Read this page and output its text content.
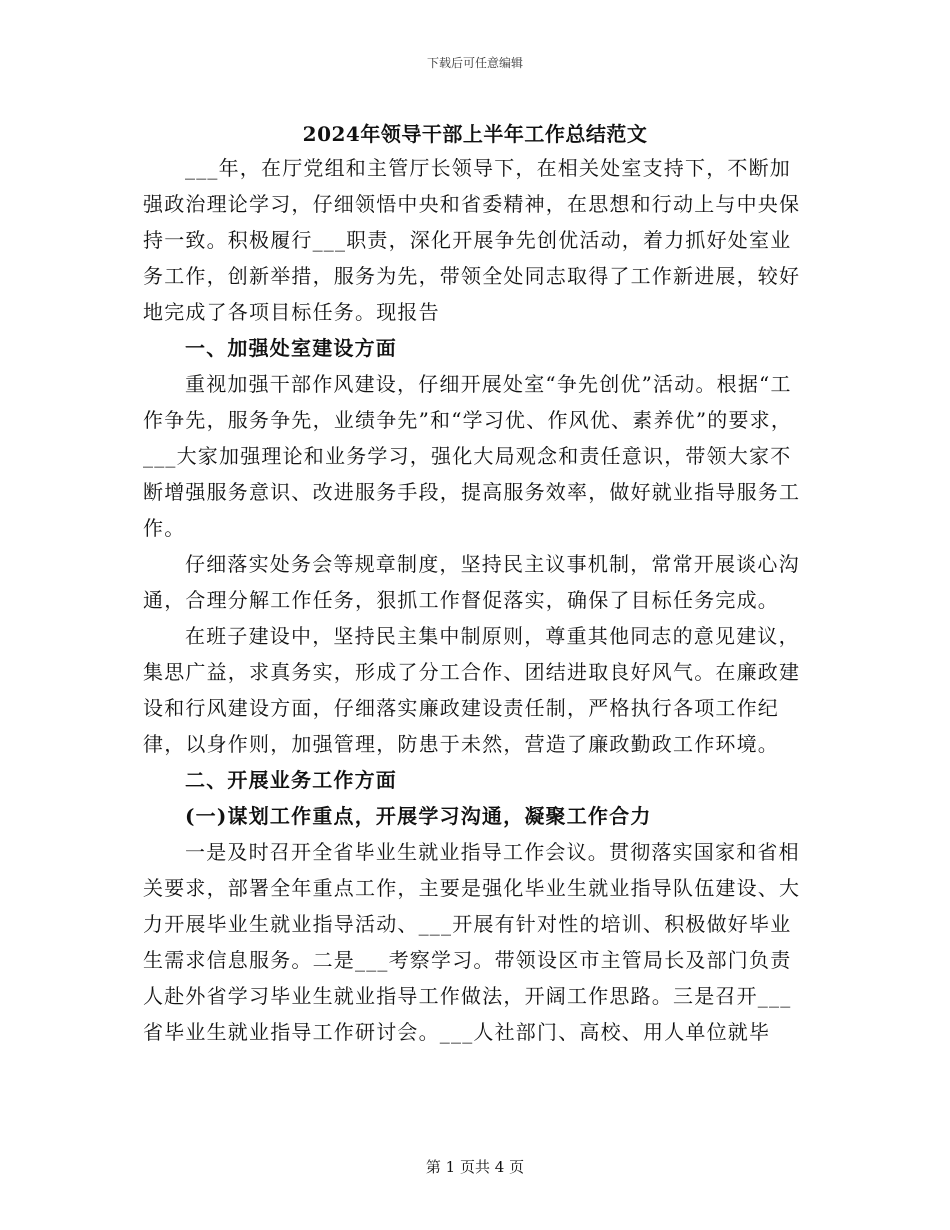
下载后可任意编辑
2024年领导干部上半年工作总结范文

___年，在厅党组和主管厅长领导下，在相关处室支持下，不断加强政治理论学习，仔细领悟中央和省委精神，在思想和行动上与中央保持一致。积极履行___职责，深化开展争先创优活动，着力抓好处室业务工作，创新举措，服务为先，带领全处同志取得了工作新进展，较好地完成了各项目标任务。现报告

一、加强处室建设方面

重视加强干部作风建设，仔细开展处室“争先创优”活动。根据“工作争先，服务争先，业绩争先”和“学习优、作风优、素养优”的要求，___大家加强理论和业务学习，强化大局观念和责任意识，带领大家不断增强服务意识、改进服务手段，提高服务效率，做好就业指导服务工作。

仔细落实处务会等规章制度，坚持民主议事机制，常常开展谈心沟通，合理分解工作任务，狠抓工作督促落实，确保了目标任务完成。

在班子建设中，坚持民主集中制原则，尊重其他同志的意见建议，集思广益，求真务实，形成了分工合作、团结进取良好风气。在廉政建设和行风建设方面，仔细落实廉政建设责任制，严格执行各项工作纪律，以身作则，加强管理，防患于未然，营造了廉政勤政工作环境。

二、开展业务工作方面

(一)谋划工作重点，开展学习沟通，凝聚工作合力

一是及时召开全省毕业生就业指导工作会议。贯彻落实国家和省相关要求，部署全年重点工作，主要是强化毕业生就业指导队伍建设、大力开展毕业生就业指导活动、___开展有针对性的培训、积极做好毕业生需求信息服务。二是___考察学习。带领设区市主管局长及部门负责人赴外省学习毕业生就业指导工作做法，开阔工作思路。三是召开___省毕业生就业指导工作研讨会。___人社部门、高校、用人单位就毕

第 1 页共 4 页
